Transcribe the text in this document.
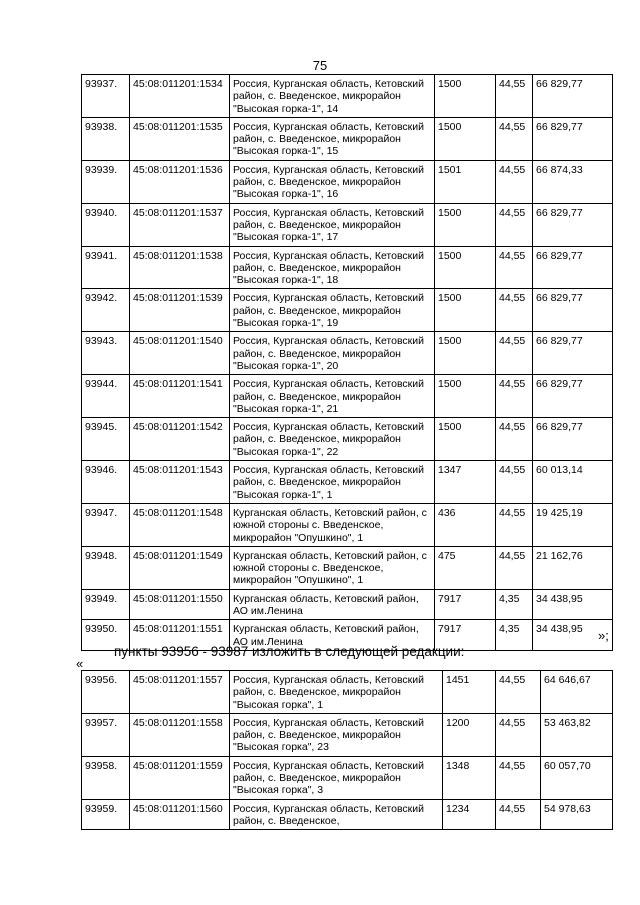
75
93937.	45:08:011201:1534	Россия, Курганская область, Кетовский район, с. Введенское, микрорайон "Высокая горка-1", 14	1500	44,55	66 829,77
93938.	45:08:011201:1535	Россия, Курганская область, Кетовский район, с. Введенское, микрорайон "Высокая горка-1", 15	1500	44,55	66 829,77
93939.	45:08:011201:1536	Россия, Курганская область, Кетовский район, с. Введенское, микрорайон "Высокая горка-1", 16	1501	44,55	66 874,33
93940.	45:08:011201:1537	Россия, Курганская область, Кетовский район, с. Введенское, микрорайон "Высокая горка-1", 17	1500	44,55	66 829,77
93941.	45:08:011201:1538	Россия, Курганская область, Кетовский район, с. Введенское, микрорайон "Высокая горка-1", 18	1500	44,55	66 829,77
93942.	45:08:011201:1539	Россия, Курганская область, Кетовский район, с. Введенское, микрорайон "Высокая горка-1", 19	1500	44,55	66 829,77
93943.	45:08:011201:1540	Россия, Курганская область, Кетовский район, с. Введенское, микрорайон "Высокая горка-1", 20	1500	44,55	66 829,77
93944.	45:08:011201:1541	Россия, Курганская область, Кетовский район, с. Введенское, микрорайон "Высокая горка-1", 21	1500	44,55	66 829,77
93945.	45:08:011201:1542	Россия, Курганская область, Кетовский район, с. Введенское, микрорайон "Высокая горка-1", 22	1500	44,55	66 829,77
93946.	45:08:011201:1543	Россия, Курганская область, Кетовский район, с. Введенское, микрорайон "Высокая горка-1", 1	1347	44,55	60 013,14
93947.	45:08:011201:1548	Курганская область, Кетовский район, с южной стороны с. Введенское, микрорайон "Опушкино", 1	436	44,55	19 425,19
93948.	45:08:011201:1549	Курганская область, Кетовский район, с южной стороны с. Введенское, микрорайон "Опушкино", 1	475	44,55	21 162,76
93949.	45:08:011201:1550	Курганская область, Кетовский район, АО им.Ленина	7917	4,35	34 438,95
93950.	45:08:011201:1551	Курганская область, Кетовский район, АО им.Ленина	7917	4,35	34 438,95 »;
пункты 93956 - 93987 изложить в следующей редакции:
«
93956.	45:08:011201:1557	Россия, Курганская область, Кетовский район, с. Введенское, микрорайон "Высокая горка", 1	1451	44,55	64 646,67
93957.	45:08:011201:1558	Россия, Курганская область, Кетовский район, с. Введенское, микрорайон "Высокая горка", 23	1200	44,55	53 463,82
93958.	45:08:011201:1559	Россия, Курганская область, Кетовский район, с. Введенское, микрорайон "Высокая горка", 3	1348	44,55	60 057,70
93959.	45:08:011201:1560	Россия, Курганская область, Кетовский район, с. Введенское,	1234	44,55	54 978,63
